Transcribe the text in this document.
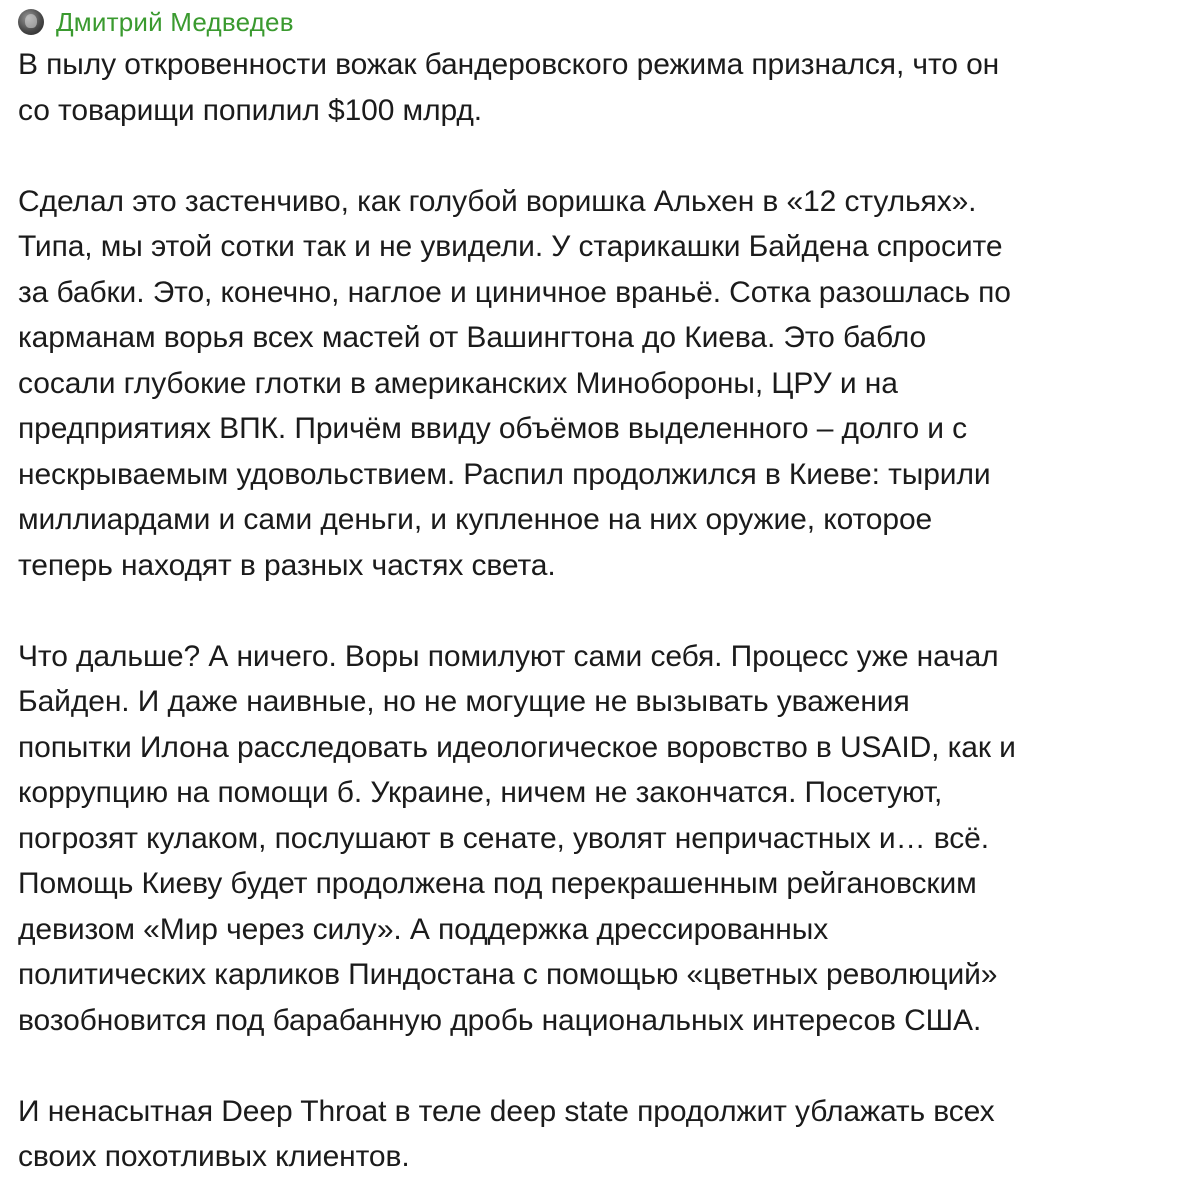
Дмитрий Медведев

В пылу откровенности вожак бандеровского режима признался, что он
со товарищи попилил $100 млрд.

Сделал это застенчиво, как голубой воришка Альхен в «12 стульях».
Типа, мы этой сотки так и не увидели. У старикашки Байдена спросите
за бабки. Это, конечно, наглое и циничное враньё. Сотка разошлась по
карманам ворья всех мастей от Вашингтона до Киева. Это бабло
сосали глубокие глотки в американских Минобороны, ЦРУ и на
предприятиях ВПК. Причём ввиду объёмов выделенного – долго и с
нескрываемым удовольствием. Распил продолжился в Киеве: тырили
миллиардами и сами деньги, и купленное на них оружие, которое
теперь находят в разных частях света.

Что дальше? А ничего. Воры помилуют сами себя. Процесс уже начал
Байден. И даже наивные, но не могущие не вызывать уважения
попытки Илона расследовать идеологическое воровство в USAID, как и
коррупцию на помощи б. Украине, ничем не закончатся. Посетуют,
погрозят кулаком, послушают в сенате, уволят непричастных и… всё.
Помощь Киеву будет продолжена под перекрашенным рейгановским
девизом «Мир через силу». А поддержка дрессированных
политических карликов Пиндостана с помощью «цветных революций»
возобновится под барабанную дробь национальных интересов США.

И ненасытная Deep Throat в теле deep state продолжит ублажать всех
своих похотливых клиентов.
